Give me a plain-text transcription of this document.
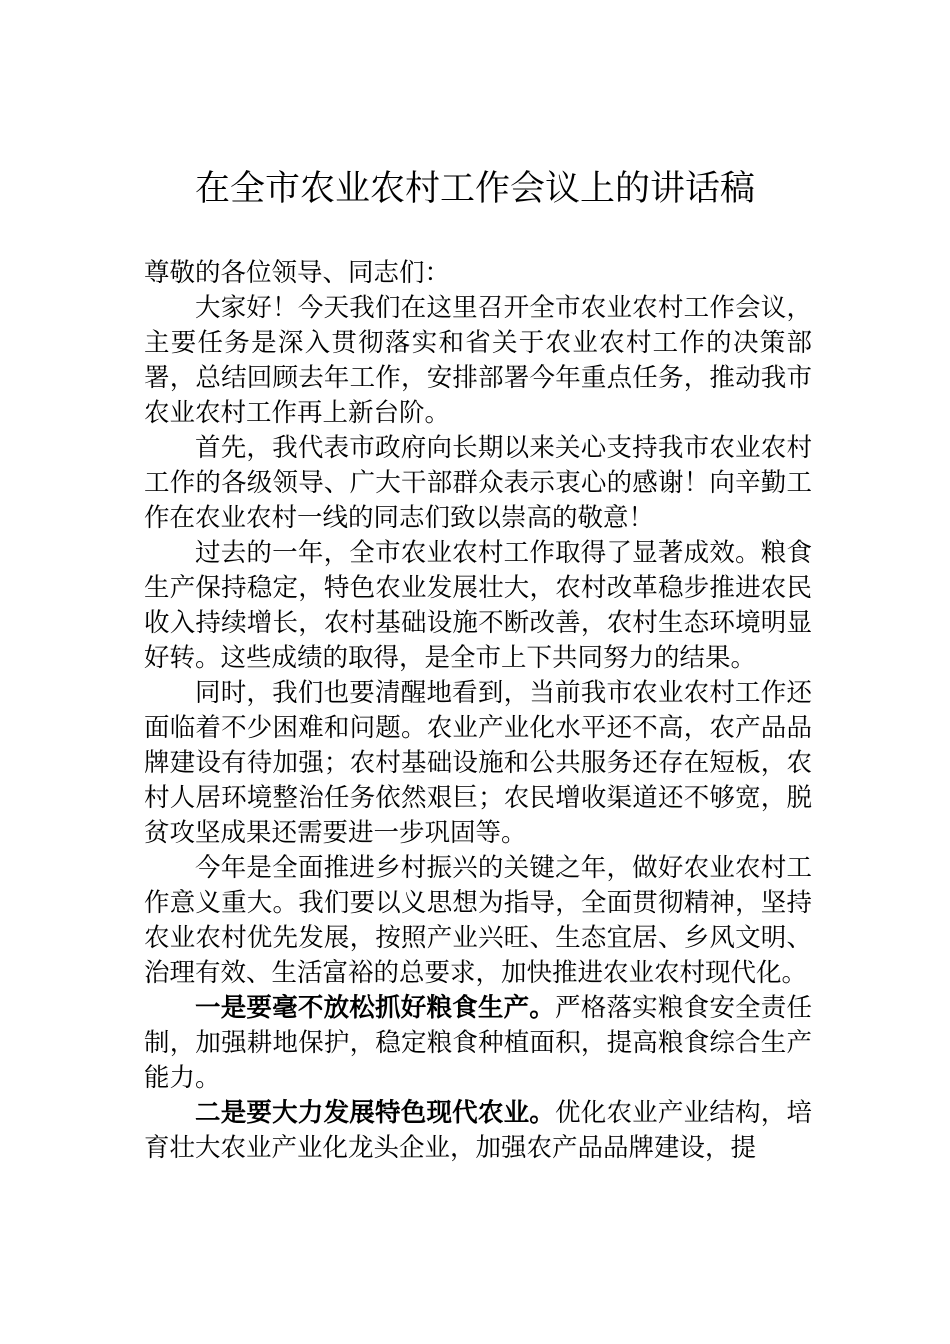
在全市农业农村工作会议上的讲话稿

尊敬的各位领导、同志们：

大家好！今天我们在这里召开全市农业农村工作会议，主要任务是深入贯彻落实和省关于农业农村工作的决策部署，总结回顾去年工作，安排部署今年重点任务，推动我市农业农村工作再上新台阶。

首先，我代表市政府向长期以来关心支持我市农业农村工作的各级领导、广大干部群众表示衷心的感谢！向辛勤工作在农业农村一线的同志们致以崇高的敬意！

过去的一年，全市农业农村工作取得了显著成效。粮食生产保持稳定，特色农业发展壮大，农村改革稳步推进农民收入持续增长，农村基础设施不断改善，农村生态环境明显好转。这些成绩的取得，是全市上下共同努力的结果。

同时，我们也要清醒地看到，当前我市农业农村工作还面临着不少困难和问题。农业产业化水平还不高，农产品品牌建设有待加强；农村基础设施和公共服务还存在短板，农村人居环境整治任务依然艰巨；农民增收渠道还不够宽，脱贫攻坚成果还需要进一步巩固等。

今年是全面推进乡村振兴的关键之年，做好农业农村工作意义重大。我们要以义思想为指导，全面贯彻精神，坚持农业农村优先发展，按照产业兴旺、生态宜居、乡风文明、治理有效、生活富裕的总要求，加快推进农业农村现代化。

一是要毫不放松抓好粮食生产。严格落实粮食安全责任制，加强耕地保护，稳定粮食种植面积，提高粮食综合生产能力。

二是要大力发展特色现代农业。优化农业产业结构，培育壮大农业产业化龙头企业，加强农产品品牌建设，提
